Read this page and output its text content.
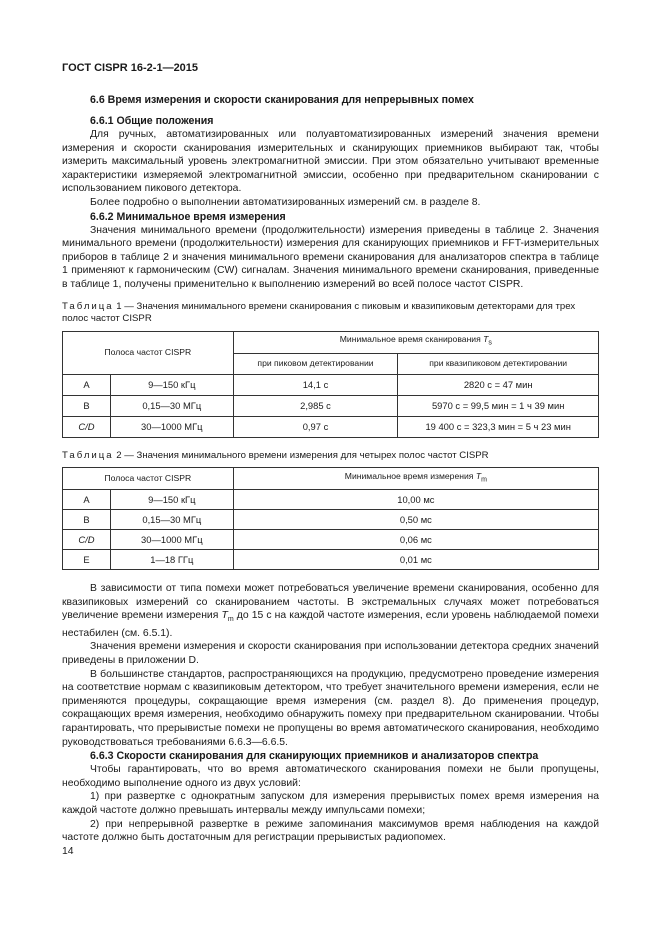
ГОСТ CISPR 16-2-1—2015
6.6 Время измерения и скорости сканирования для непрерывных помех
6.6.1 Общие положения

Для ручных, автоматизированных или полуавтоматизированных измерений значения времени измерения и скорости сканирования измерительных и сканирующих приемников выбирают так, чтобы измерить максимальный уровень электромагнитной эмиссии. При этом обязательно учитывают временные характеристики измеряемой электромагнитной эмиссии, особенно при предварительном сканировании с использованием пикового детектора.

Более подробно о выполнении автоматизированных измерений см. в разделе 8.

6.6.2 Минимальное время измерения

Значения минимального времени (продолжительности) измерения приведены в таблице 2. Значения минимального времени (продолжительности) измерения для сканирующих приемников и FFT-измерительных приборов в таблице 2 и значения минимального времени сканирования для анализаторов спектра в таблице 1 применяют к гармоническим (CW) сигналам. Значения минимального времени сканирования, приведенные в таблице 1, получены применительно к выполнению измерений во всей полосе частот CISPR.

Таблица 1 — Значения минимального времени сканирования с пиковым и квазипиковым детекторами для трех полос частот CISPR
Полоса частот CISPR		Минимальное время сканирования $T_s$
		при пиковом детектировании	при квазипиковом детектировании
A	9—150 кГц	14,1 с	2820 с = 47 мин
B	0,15—30 МГц	2,985 с	5970 с = 99,5 мин = 1 ч 39 мин
C/D	30—1000 МГц	0,97 с	19 400 с = 323,3 мин = 5 ч 23 мин
Таблица 2 — Значения минимального времени измерения для четырех полос частот CISPR
Полоса частот CISPR		Минимальное время измерения $T_m$
A	9—150 кГц	10,00 мс
B	0,15—30 МГц	0,50 мс
C/D	30—1000 МГц	0,06 мс
E	1—18 ГГц	0,01 мс

В зависимости от типа помехи может потребоваться увеличение времени сканирования, особенно для квазипиковых измерений со сканированием частоты. В экстремальных случаях может потребоваться увеличение времени измерения $T_m$ до 15 с на каждой частоте измерения, если уровень наблюдаемой помехи нестабилен (см. 6.5.1).

Значения времени измерения и скорости сканирования при использовании детектора средних значений приведены в приложении D.

В большинстве стандартов, распространяющихся на продукцию, предусмотрено проведение измерения на соответствие нормам с квазипиковым детектором, что требует значительного времени измерения, если не применяются процедуры, сокращающие время измерения (см. раздел 8). До применения процедур, сокращающих время измерения, необходимо обнаружить помеху при предварительном сканировании. Чтобы гарантировать, что прерывистые помехи не пропущены во время автоматического сканирования, необходимо руководствоваться требованиями 6.6.3—6.6.5.

6.6.3 Скорости сканирования для сканирующих приемников и анализаторов спектра

Чтобы гарантировать, что во время автоматического сканирования помехи не были пропущены, необходимо выполнение одного из двух условий:

1) при развертке с однократным запуском для измерения прерывистых помех время измерения на каждой частоте должно превышать интервалы между импульсами помехи;

2) при непрерывной развертке в режиме запоминания максимумов время наблюдения на каждой частоте должно быть достаточным для регистрации прерывистых радиопомех.

14
